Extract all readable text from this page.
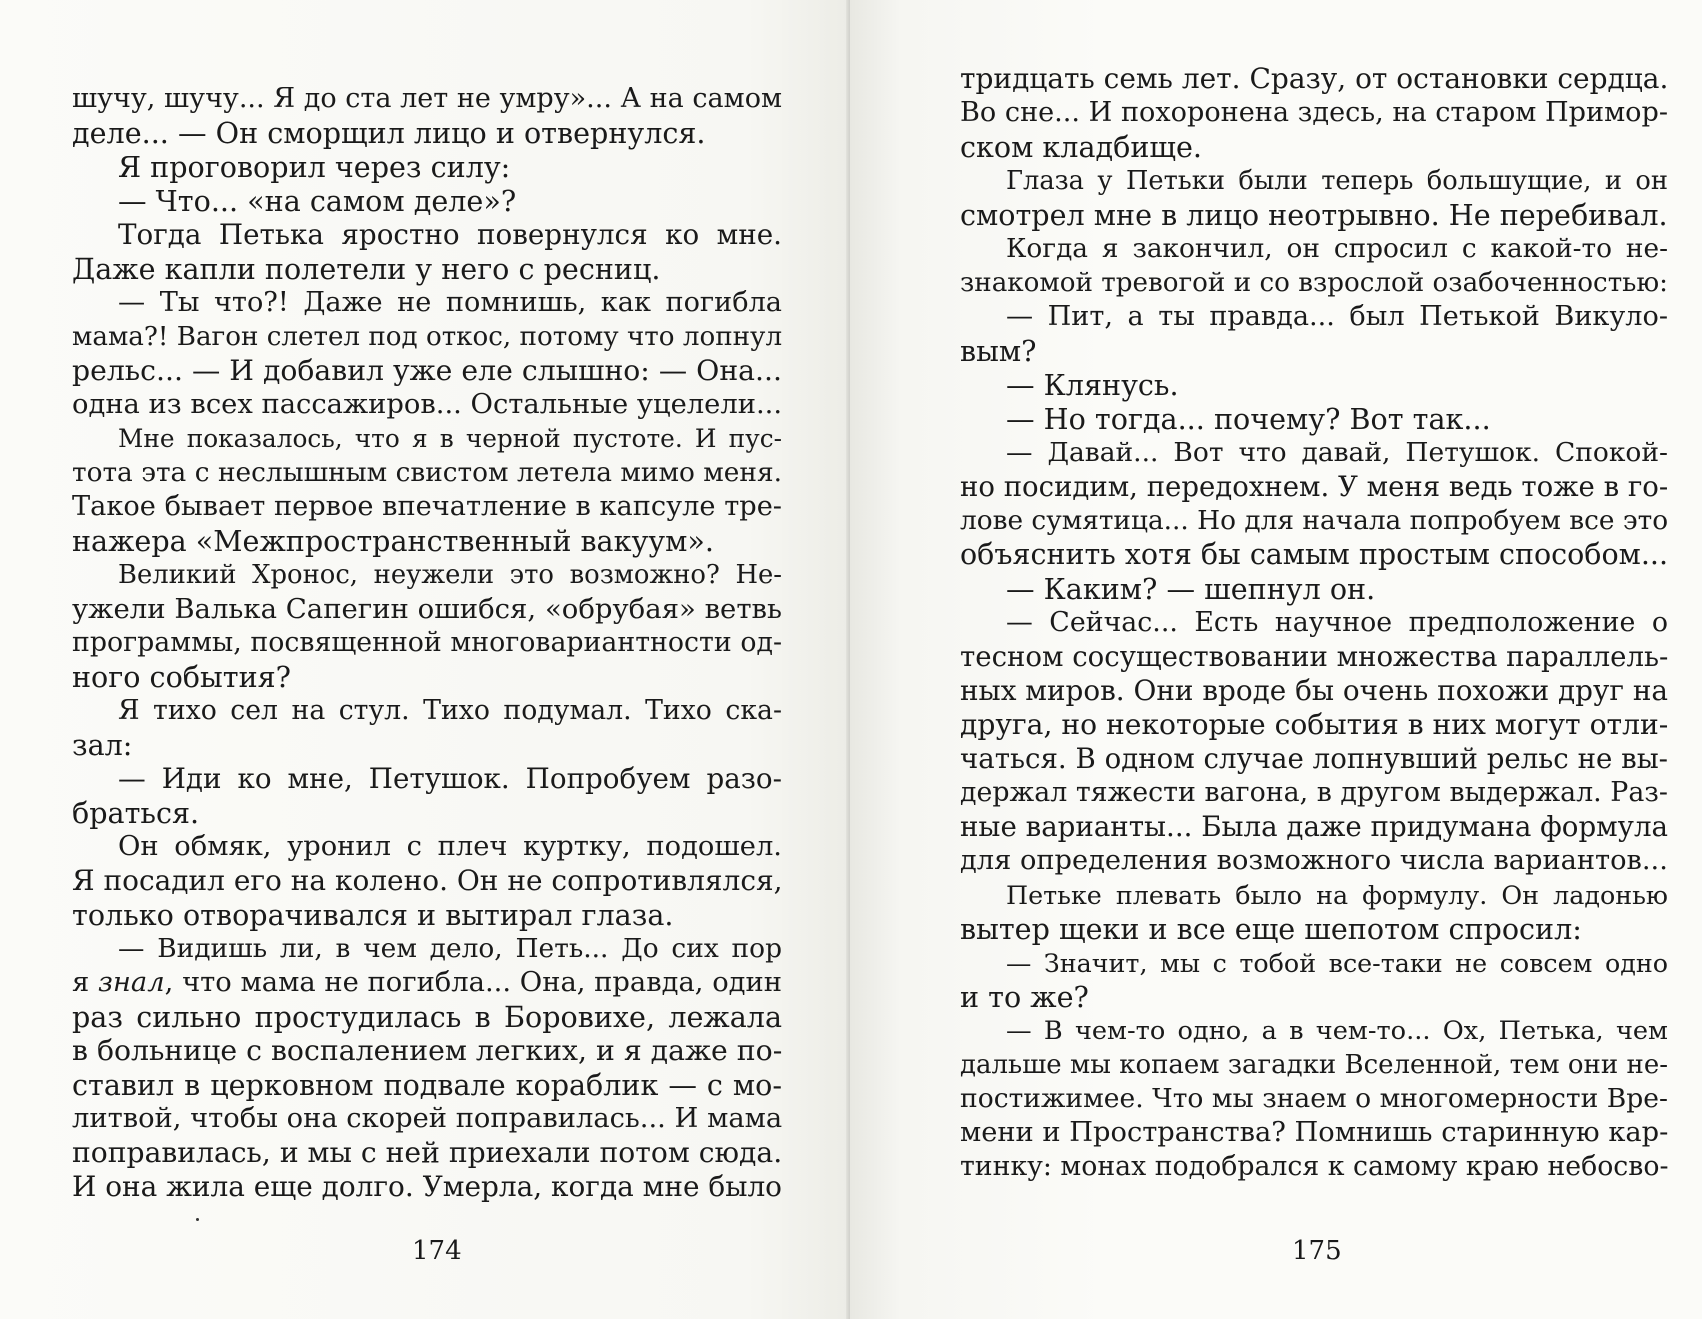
шучу, шучу... Я до ста лет не умру»... А на самом
деле... — Он сморщил лицо и отвернулся.
Я проговорил через силу:
— Что... «на самом деле»?
Тогда Петька яростно повернулся ко мне.
Даже капли полетели у него с ресниц.
— Ты что?! Даже не помнишь, как погибла
мама?! Вагон слетел под откос, потому что лопнул
рельс... — И добавил уже еле слышно: — Она...
одна из всех пассажиров... Остальные уцелели...
Мне показалось, что я в черной пустоте. И пус-
тота эта с неслышным свистом летела мимо меня.
Такое бывает первое впечатление в капсуле тре-
нажера «Межпространственный вакуум».
Великий Хронос, неужели это возможно? Не-
ужели Валька Сапегин ошибся, «обрубая» ветвь
программы, посвященной многовариантности од-
ного события?
Я тихо сел на стул. Тихо подумал. Тихо ска-
зал:
— Иди ко мне, Петушок. Попробуем разо-
браться.
Он обмяк, уронил с плеч куртку, подошел.
Я посадил его на колено. Он не сопротивлялся,
только отворачивался и вытирал глаза.
— Видишь ли, в чем дело, Петь... До сих пор
я знал, что мама не погибла... Она, правда, один
раз сильно простудилась в Боровихе, лежала
в больнице с воспалением легких, и я даже по-
ставил в церковном подвале кораблик — с мо-
литвой, чтобы она скорей поправилась... И мама
поправилась, и мы с ней приехали потом сюда.
И она жила еще долго. Умерла, когда мне было
174
тридцать семь лет. Сразу, от остановки сердца.
Во сне... И похоронена здесь, на старом Примор-
ском кладбище.
Глаза у Петьки были теперь большущие, и он
смотрел мне в лицо неотрывно. Не перебивал.
Когда я закончил, он спросил с какой-то не-
знакомой тревогой и со взрослой озабоченностью:
— Пит, а ты правда... был Петькой Викуло-
вым?
— Клянусь.
— Но тогда... почему? Вот так...
— Давай... Вот что давай, Петушок. Спокой-
но посидим, передохнем. У меня ведь тоже в го-
лове сумятица... Но для начала попробуем все это
объяснить хотя бы самым простым способом...
— Каким? — шепнул он.
— Сейчас... Есть научное предположение о
тесном сосуществовании множества параллель-
ных миров. Они вроде бы очень похожи друг на
друга, но некоторые события в них могут отли-
чаться. В одном случае лопнувший рельс не вы-
держал тяжести вагона, в другом выдержал. Раз-
ные варианты... Была даже придумана формула
для определения возможного числа вариантов...
Петьке плевать было на формулу. Он ладонью
вытер щеки и все еще шепотом спросил:
— Значит, мы с тобой все-таки не совсем одно
и то же?
— В чем-то одно, а в чем-то... Ох, Петька, чем
дальше мы копаем загадки Вселенной, тем они не-
постижимее. Что мы знаем о многомерности Вре-
мени и Пространства? Помнишь старинную кар-
тинку: монах подобрался к самому краю небосво-
175
